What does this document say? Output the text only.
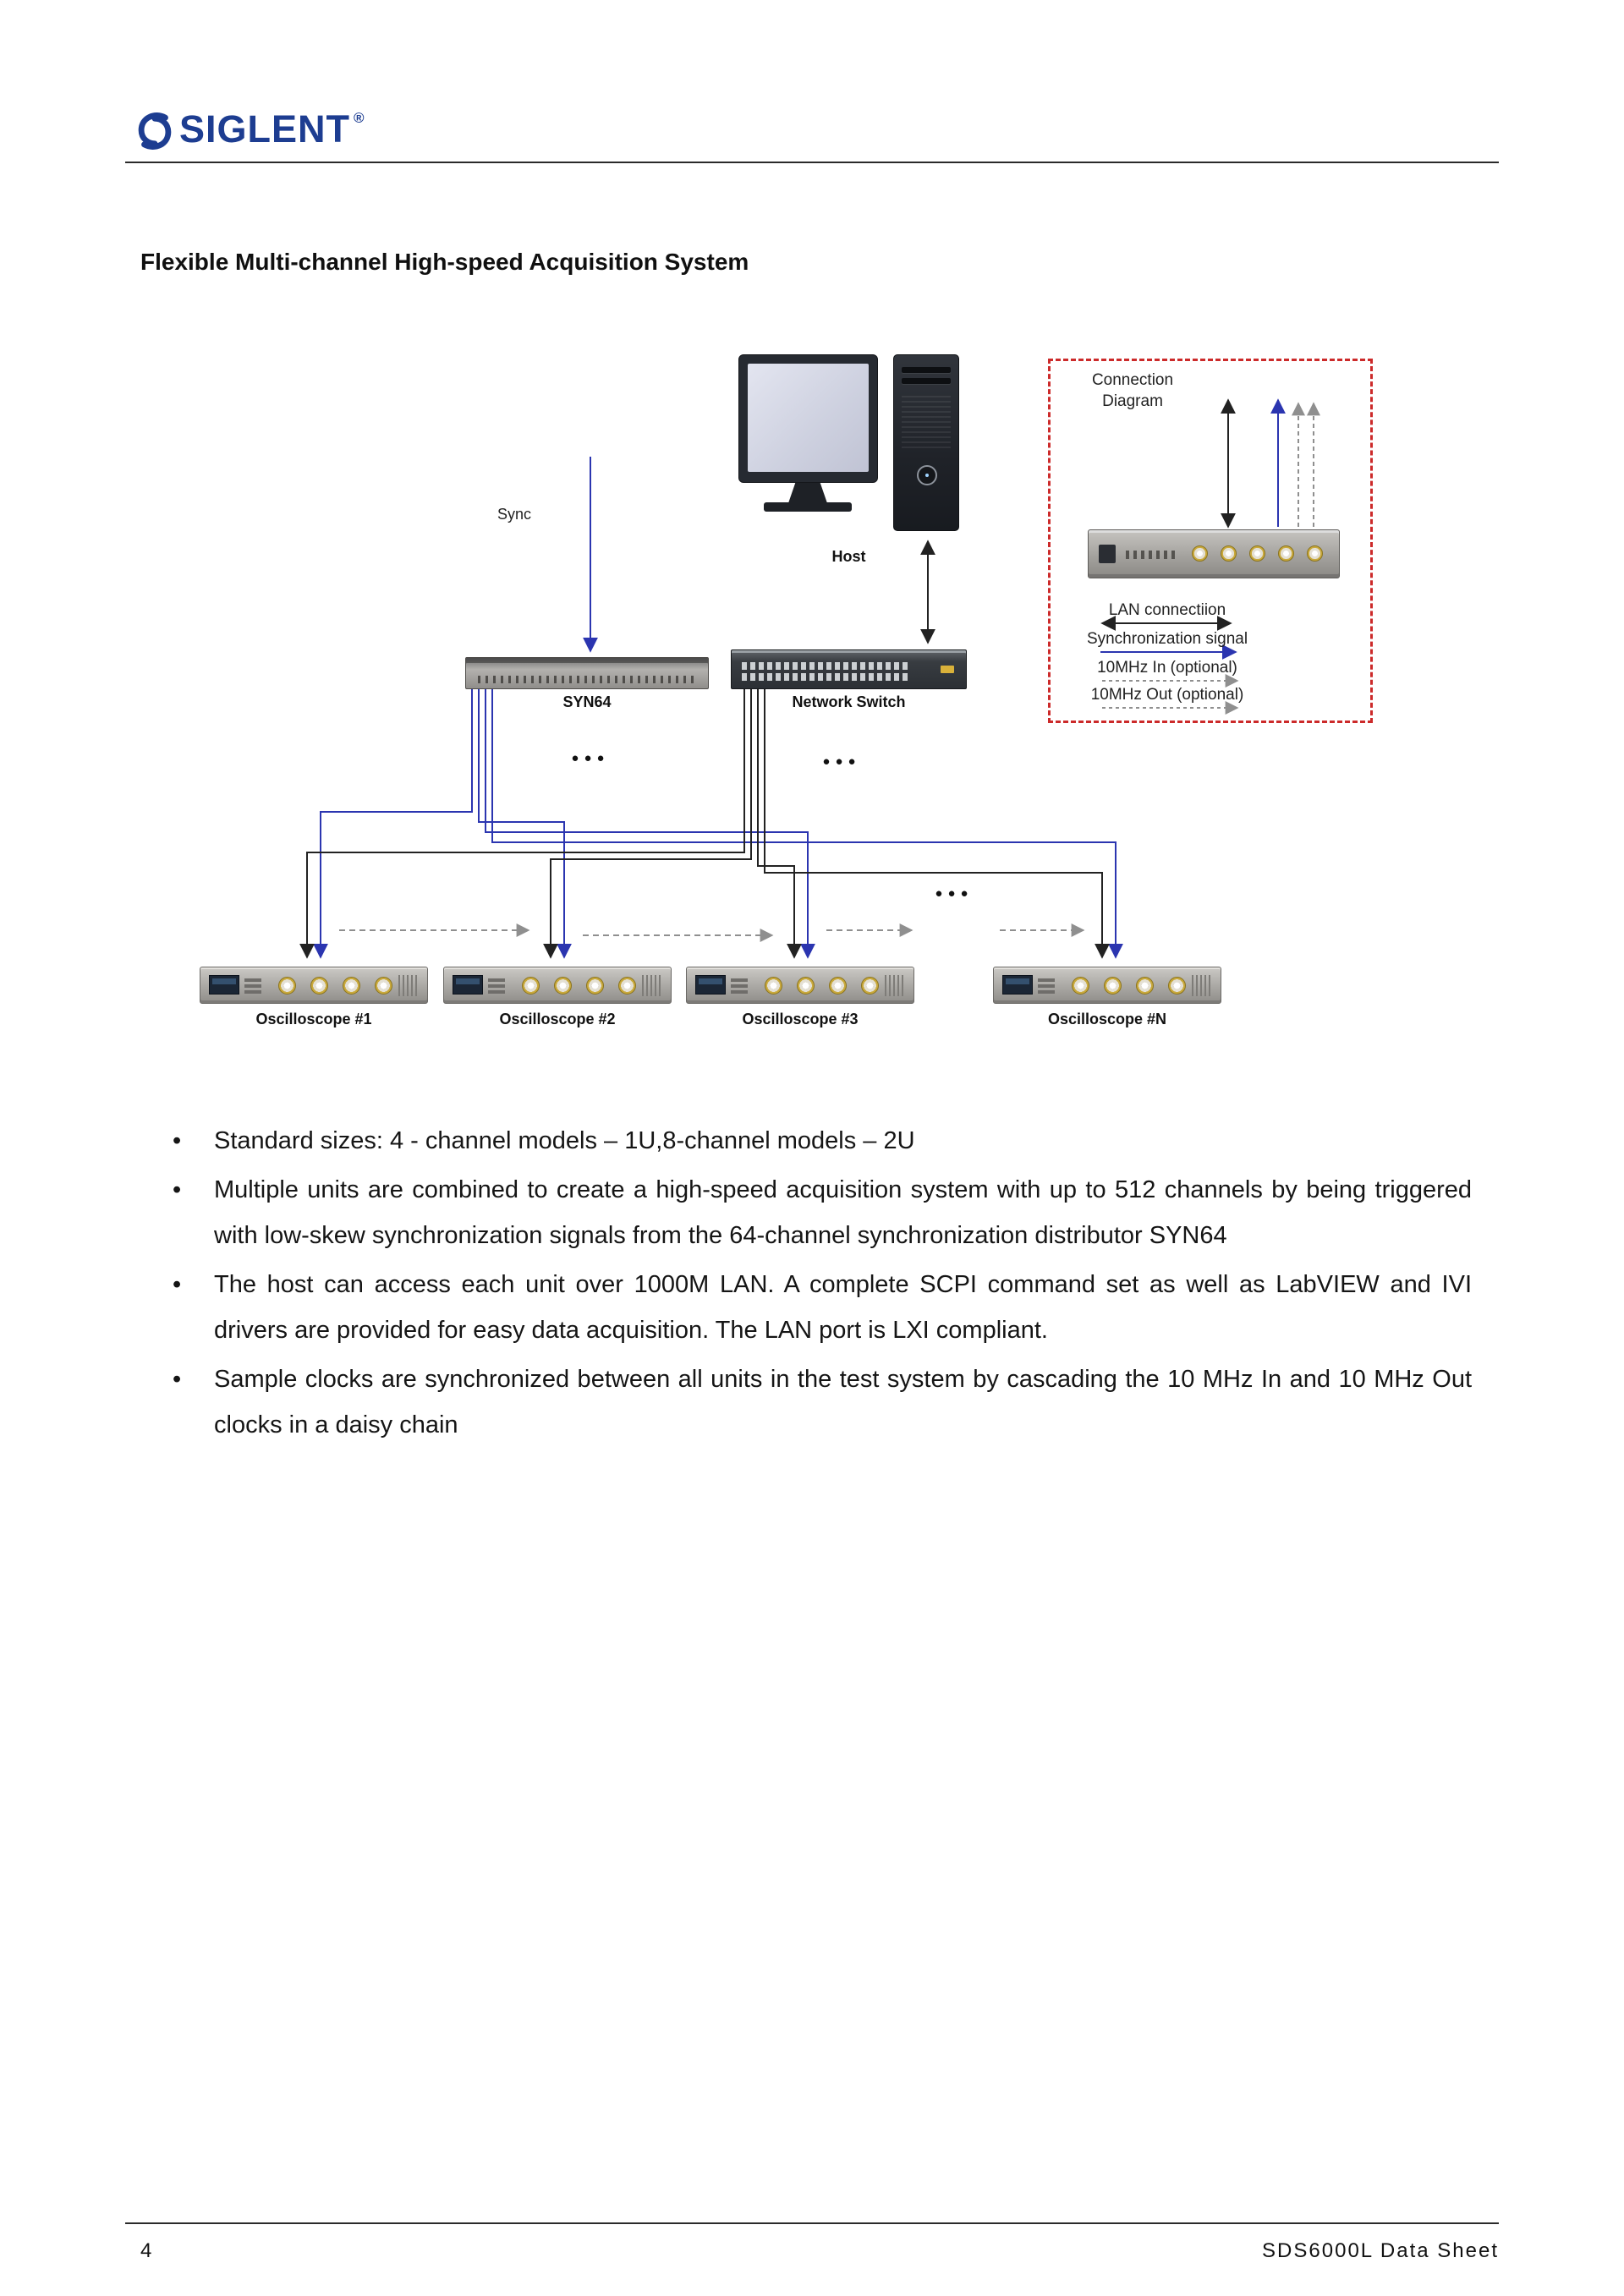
SIGLENT ®
Flexible Multi-channel High-speed Acquisition System
Host
Sync
SYN64	Network Switch
●●●	●●●
●●●
Connection
Diagram
LAN connectiion
Synchronization signal
10MHz In (optional)
10MHz Out (optional)
Oscilloscope #1	Oscilloscope #2	Oscilloscope #3	Oscilloscope #N
• Standard sizes: 4 - channel models – 1U,8-channel models – 2U
• Multiple units are combined to create a high-speed acquisition system with up to 512 channels by being triggered with low-skew synchronization signals from the 64-channel synchronization distributor SYN64
• The host can access each unit over 1000M LAN. A complete SCPI command set as well as LabVIEW and IVI drivers are provided for easy data acquisition. The LAN port is LXI compliant.
• Sample clocks are synchronized between all units in the test system by cascading the 10 MHz In and 10 MHz Out clocks in a daisy chain
4	SDS6000L Data Sheet
